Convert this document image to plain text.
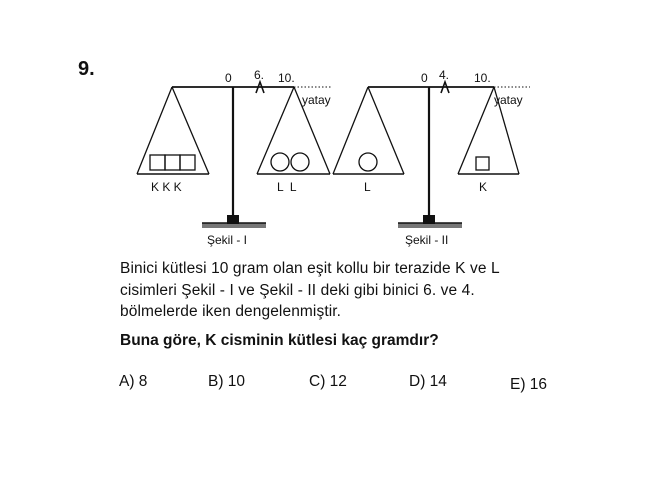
9.	0 6. 10.
yatay
K K K	L  L
Şekil - I
0 4. 10.
yatay
L	K
Şekil - II
Binici kütlesi 10 gram olan eşit kollu bir terazide K ve L
cisimleri Şekil - I ve Şekil - II deki gibi binici 6. ve 4.
bölmelerde iken dengelenmiştir.
Buna göre, K cisminin kütlesi kaç gramdır?
A) 8	B) 10	C) 12	D) 14	E) 16
